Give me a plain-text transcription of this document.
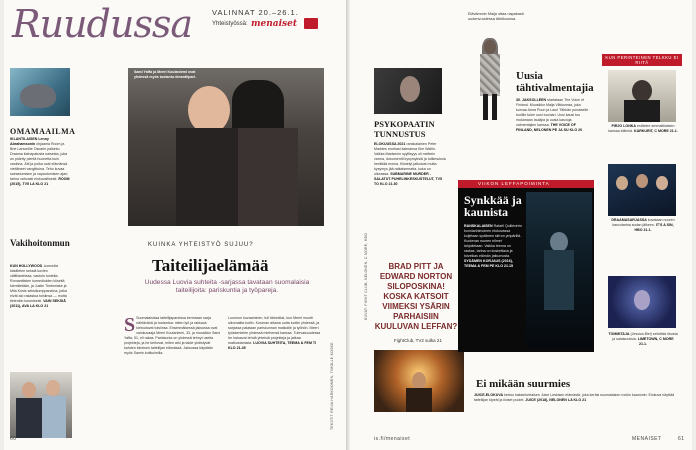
Ruudussa	VALINNAT 20.–26.1.
Yhteistyössä: menaiset
Sami Yaffa ja Meeri Koutaniemi ovat yhdessä myös tuotanto-timanttipari.
OMAMAAILMA
IKLANTILAISEN Lenny Abrahamsonin ohjaama Room ja Brie Larsonille Oscarin palkinto. Draama kidnapatusta naisesta, joka on pidetty pientä huonetta kuin vankina. Äiti ja poika ovat elämänsä viettäneet vangittuina. Teho kuvaa sairastumisen ja vapautumisen ajan; tarina vahvasti elokuvallisesti. ROOM (2015), TV5 LA KLO 21
Vakihoitonmun
KUN HOLLYWOOD -komedia käsittelee seksiä kovien välitilanteissa, vastoin tunteita. Romanttisten komedioiden kliseitä kierrätetään, ja Justin Timberlake ja Mila Kunis seksikumppaneina, jotka eivät aio rakastua toisiinsa — mutta tietenkin kosmisesti. VAIN SEKSIÄ (2011), AVA LA KLO 21
KUINKA YHTEISTYÖ SUJUU?
Taiteilijaelämää
Uudessa Luovia suhteita -sarjassa tavataan suomalaisia taiteilijoita: pariskuntia ja työpareja.
S Suomalaisissa taiteilijapareissa kerrotaan sarja nähtävänä ja tuotantoa: miten työ ja rakkaus kietoutuvat toisiinsa. Ensimmäisessä jaksossa ovat valokuvaaja Meeri Koutaniemi, 33, ja muusikko Sami Yaffa, 51, eli rakas. Pariskunta on yhdessä tehnyt useita projekteja, ja he kertovat, miten arki ja taide yhdistyvät kahden kiireisen taiteilijan elämässä. Jaksossa käydään myös Samin kotikulmilla.
Luonnon kuvaaminen, tuli tärkeäksi, kun Meeri muutti ulkomailta kotiin. Koronan aikana uutta luotiin yhdessä, ja sarjassa palataan pariskunnan matkoille ja työhön. Meeri työskentelee yhdessä miehensä kanssa. Tulevaisuudessa he haluavat tehdä yhteisiä projekteja ja jatkaa matkustamista. LUOVIA SUHTEITA, TEEMA & FEM TI KLO 21.45	TEKSTIT REIJA HARKOOMEN, TIMOLLE KOSKE
60
PSYKOPAATIN TUNNUSTUS
ELOKUUSSA 2021 ranskalainen Peter Maddes murhasi kaimansa Kim Wallin. Vaikka Madsenin syyllisyys oli melkein varma, dokumentti kysymyksiä ja tutkimuksia herättää monia. Kiistelyt jatkuivat mutta kysymys jää ratkaisematta, kuka on oikeassa. SUBMARINE MURDER - SALATUT PUHELINKESKUSTELUT, TV5 TO KLO 21.30
BRAD PITT JA EDWARD NORTON SILOPOSKINA! KOSKA KATSOIT VIIMEKSI YSÄRIN PARHAISIIN KUULUVAN LEFFAN?
FightClub, TV2 sulka 21
Elävämmin Maija ottaa napakasti uudenvuodessa tähtikoossa.
Uusia tähtivalmentajia
30. JAKSOLLEEN startataan The Voice of Finland. Muusikko Maija Vilkkumaa, joka korvaa Anna Puun ja Lauri Tähkän punaiselle tuolille tulee uusi tuomari. Uusi kausi tuo mukanaan laulajia ja uusia kasvoja valmentajien kanssa. THE VOICE OF FINLAND, NELONEN PE JA SU KLO 20
VIIKON LEFFAPOIMINTA
Synkkää ja kaunista
RANSKALAISEN Rafaël Quillévérin kunnianhimoinen elokuvassa kuljetaan sydämen siirron ympärillä. Kuolevan nuoren elimet lahjoitetaan. Vaikka teema on raskas, tarina on koskettava ja toiveikas elämän jatkumosta. SYDÄMEN KORJAUS (2016), TEEMA & FEM PE KLO 21.15
KUN PERINTEINEN TELKKU EI RIITÄ
PIRJO LONKA esittelee ammattilaisten kanssa eläimiä. KARKURIT, C MORE 21.1.
DRAAMASARJASSA kuvataan nuoren kasvutarina sodan jälkeen. IT'S A SIN, HBO 21.1.
TOMMITAJA (Jessica Biel) selvittää rikosta ja salaisuuksia. LIMETOWN, C MORE 21.1.
Ei mikään suurmies
JUICE-ELOKUVA kertoo kaksinkertaisen Juice Leskisen elämästä, joka keräsi suomalaisen rockin kaanonin. Elokuva näyttää taiteilijan kipeät ja iloiset puolet. JUICE (2018), NELONEN LA KLO 21
KUVAT: FIGHT CLUB, NELONEN, C MORE, HBO
is.fi/menaiset	MENAISET	61
